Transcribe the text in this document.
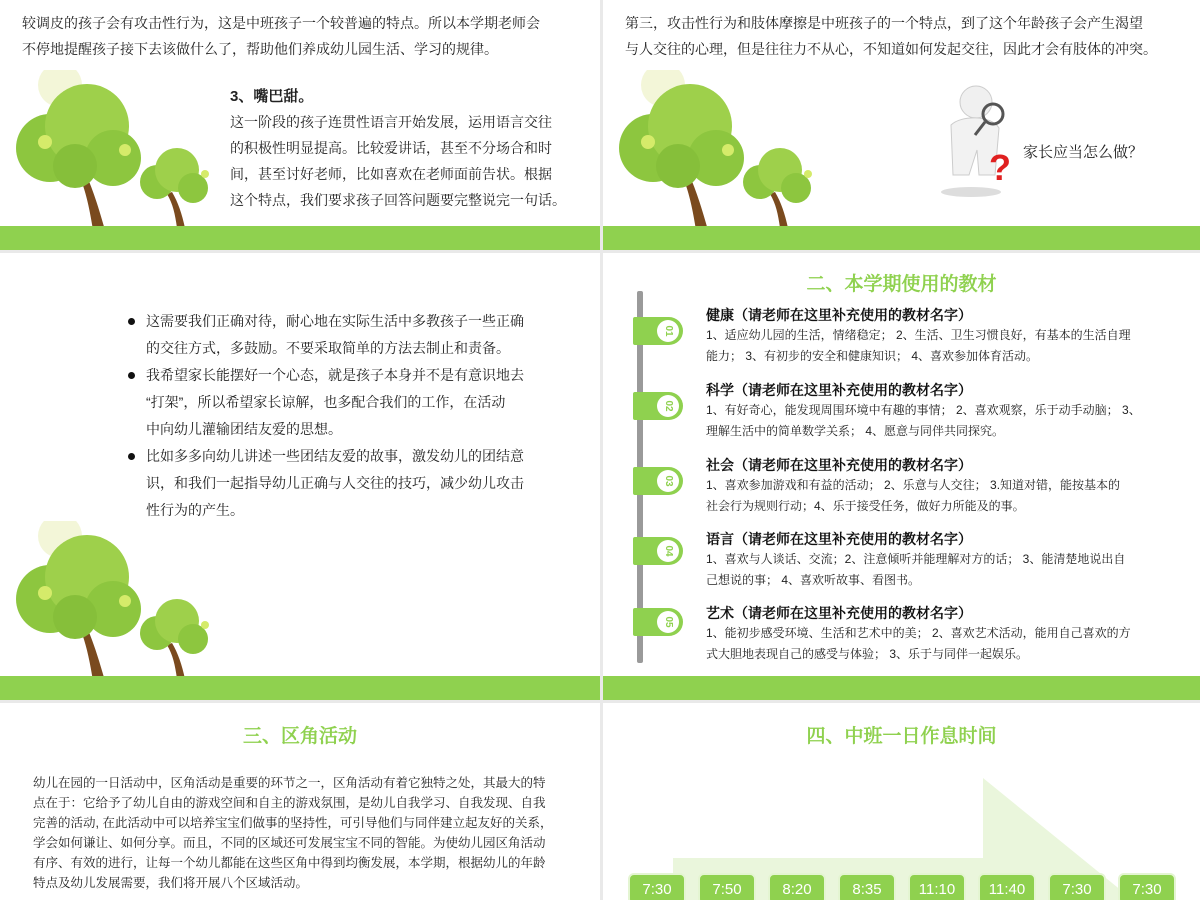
较调皮的孩子会有攻击性行为，这是中班孩子一个较普遍的特点。所以本学期老师会
不停地提醒孩子接下去该做什么了，帮助他们养成幼儿园生活、学习的规律。
3、嘴巴甜。
这一阶段的孩子连贯性语言开始发展，运用语言交往
的积极性明显提高。比较爱讲话，甚至不分场合和时
间，甚至讨好老师，比如喜欢在老师面前告状。根据
这个特点，我们要求孩子回答问题要完整说完一句话。
第三，攻击性行为和肢体摩擦是中班孩子的一个特点，到了这个年龄孩子会产生渴望
与人交往的心理，但是往往力不从心，不知道如何发起交往，因此才会有肢体的冲突。
? 家长应当怎么做？
这需要我们正确对待，耐心地在实际生活中多教孩子一些正确
的交往方式，多鼓励。不要采取简单的方法去制止和责备。
我希望家长能摆好一个心态，就是孩子本身并不是有意识地去
“打架”，所以希望家长谅解，也多配合我们的工作，在活动
中向幼儿灌输团结友爱的思想。
比如多多向幼儿讲述一些团结友爱的故事，激发幼儿的团结意
识，和我们一起指导幼儿正确与人交往的技巧，减少幼儿攻击
性行为的产生。
二、本学期使用的教材
01
健康（请老师在这里补充使用的教材名字）
1、适应幼儿园的生活，情绪稳定； 2、生活、卫生习惯良好，有基本的生活自理
能力； 3、有初步的安全和健康知识； 4、喜欢参加体育活动。
02
科学（请老师在这里补充使用的教材名字）
1、有好奇心，能发现周围环境中有趣的事情； 2、喜欢观察，乐于动手动脑； 3、
理解生活中的简单数学关系； 4、愿意与同伴共同探究。
03
社会（请老师在这里补充使用的教材名字）
1、喜欢参加游戏和有益的活动； 2、乐意与人交往； 3.知道对错，能按基本的
社会行为规则行动；4、乐于接受任务，做好力所能及的事。
04
语言（请老师在这里补充使用的教材名字）
1、喜欢与人谈话、交流；2、注意倾听并能理解对方的话； 3、能清楚地说出自
己想说的事； 4、喜欢听故事、看图书。
05
艺术（请老师在这里补充使用的教材名字）
1、能初步感受环境、生活和艺术中的美； 2、喜欢艺术活动，能用自己喜欢的方
式大胆地表现自己的感受与体验； 3、乐于与同伴一起娱乐。
三、区角活动
幼儿在园的一日活动中，区角活动是重要的环节之一，区角活动有着它独特之处，其最大的特
点在于：它给予了幼儿自由的游戏空间和自主的游戏氛围，是幼儿自我学习、自我发现、自我
完善的活动, 在此活动中可以培养宝宝们做事的坚持性，可引导他们与同伴建立起友好的关系，
学会如何谦让、如何分享。而且，不同的区域还可发展宝宝不同的智能。为使幼儿园区角活动
有序、有效的进行，让每一个幼儿都能在这些区角中得到均衡发展，本学期，根据幼儿的年龄
特点及幼儿发展需要，我们将开展八个区域活动。
四、中班一日作息时间
7:30	7:50	8:20	8:35	11:10	11:40	7:30	7:30
